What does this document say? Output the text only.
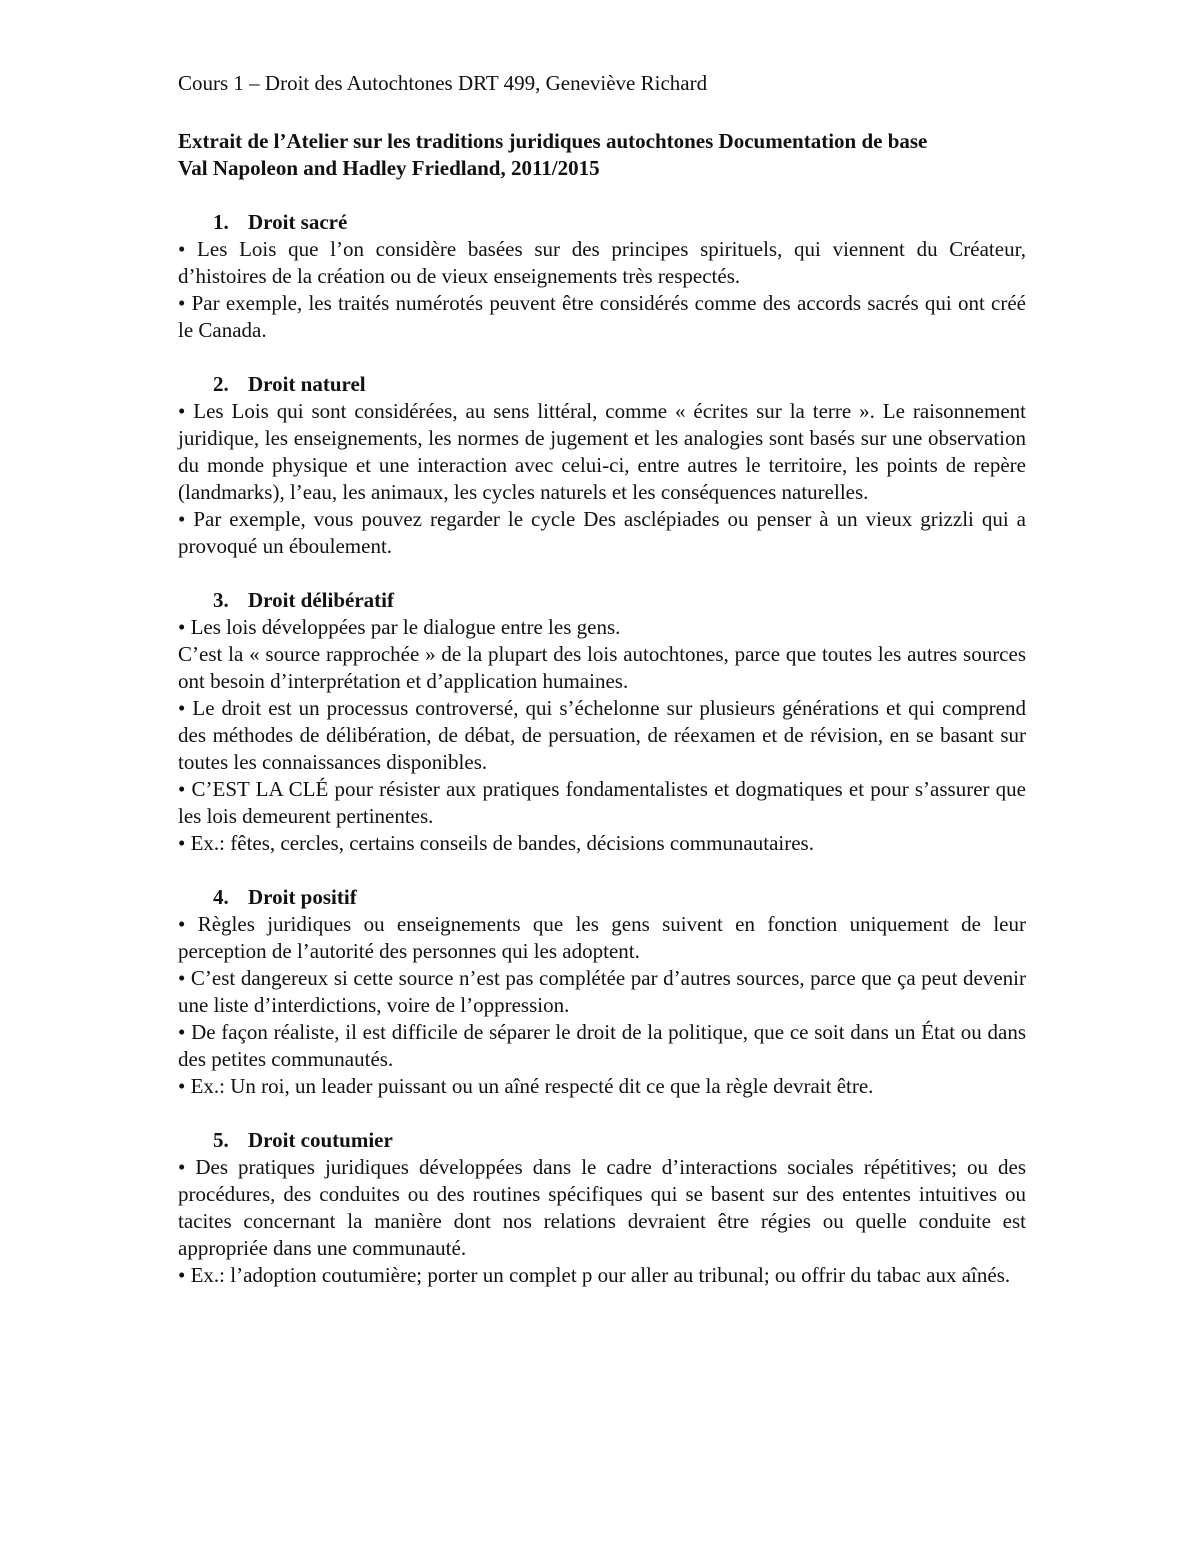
Cours 1 – Droit des Autochtones DRT 499, Geneviève Richard

Extrait de l’Atelier sur les traditions juridiques autochtones Documentation de base
Val Napoleon and Hadley Friedland, 2011/2015
1. Droit sacré

• Les Lois que l’on considère basées sur des principes spirituels, qui viennent du Créateur, d’histoires de la création ou de vieux enseignements très respectés.

• Par exemple, les traités numérotés peuvent être considérés comme des accords sacrés qui ont créé le Canada.

2. Droit naturel

• Les Lois qui sont considérées, au sens littéral, comme « écrites sur la terre ». Le raisonnement juridique, les enseignements, les normes de jugement et les analogies sont basés sur une observation du monde physique et une interaction avec celui-ci, entre autres le territoire, les points de repère (landmarks), l’eau, les animaux, les cycles naturels et les conséquences naturelles.

• Par exemple, vous pouvez regarder le cycle Des asclépiades ou penser à un vieux grizzli qui a provoqué un éboulement.

3. Droit délibératif

• Les lois développées par le dialogue entre les gens.

C’est la « source rapprochée » de la plupart des lois autochtones, parce que toutes les autres sources ont besoin d’interprétation et d’application humaines.

• Le droit est un processus controversé, qui s’échelonne sur plusieurs générations et qui comprend des méthodes de délibération, de débat, de persuation, de réexamen et de révision, en se basant sur toutes les connaissances disponibles.

• C’EST LA CLÉ pour résister aux pratiques fondamentalistes et dogmatiques et pour s’assurer que les lois demeurent pertinentes.

• Ex.: fêtes, cercles, certains conseils de bandes, décisions communautaires.

4. Droit positif

• Règles juridiques ou enseignements que les gens suivent en fonction uniquement de leur perception de l’autorité des personnes qui les adoptent.

• C’est dangereux si cette source n’est pas complétée par d’autres sources, parce que ça peut devenir une liste d’interdictions, voire de l’oppression.

• De façon réaliste, il est difficile de séparer le droit de la politique, que ce soit dans un État ou dans des petites communautés.

• Ex.: Un roi, un leader puissant ou un aîné respecté dit ce que la règle devrait être.

5. Droit coutumier

• Des pratiques juridiques développées dans le cadre d’interactions sociales répétitives; ou des procédures, des conduites ou des routines spécifiques qui se basent sur des ententes intuitives ou tacites concernant la manière dont nos relations devraient être régies ou quelle conduite est appropriée dans une communauté.

• Ex.: l’adoption coutumière; porter un complet p our aller au tribunal; ou offrir du tabac aux aînés.
